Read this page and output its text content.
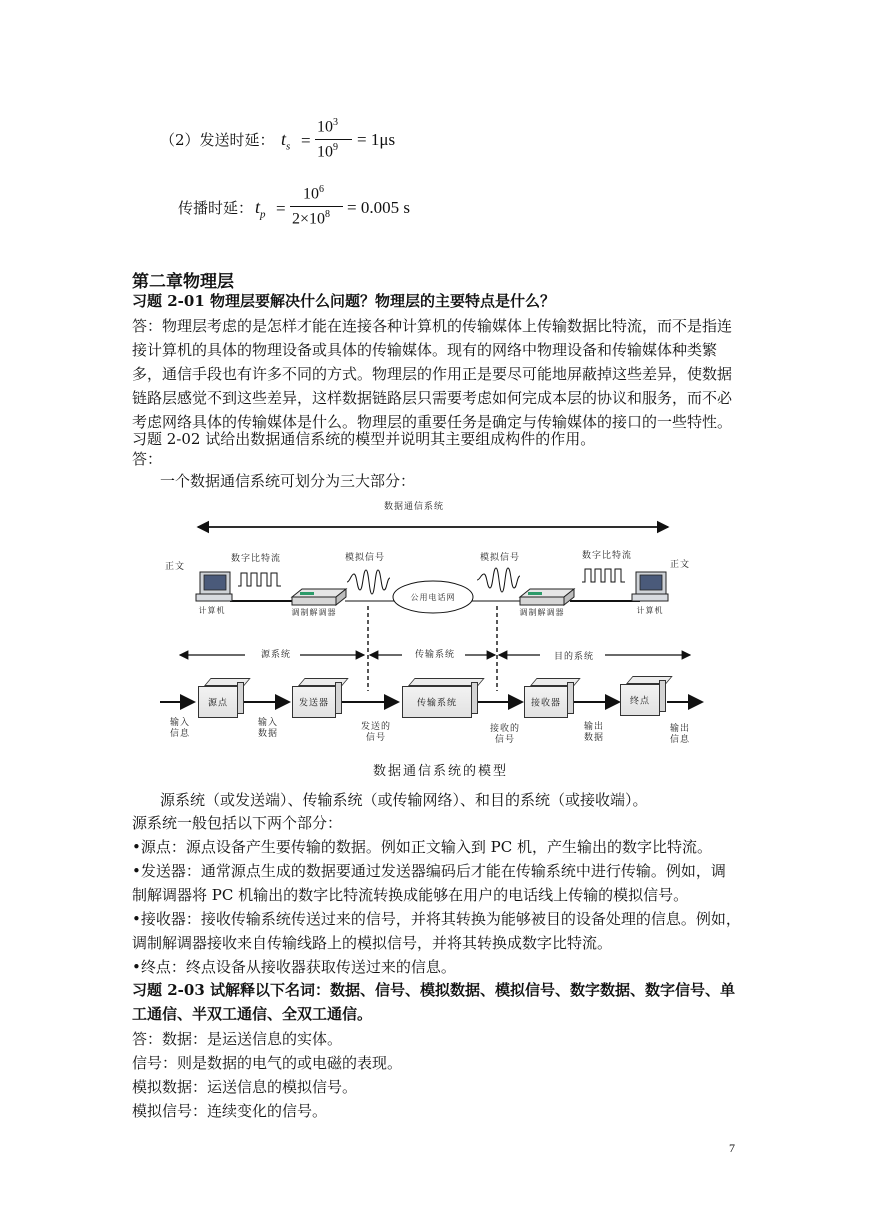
（2）发送时延： $t_s$ =
$10^3$
$10^9 = 1\mu s$
传播时延： $t_p$ =
$10^6$
$2\times 10^8 = 0.005$ s
第二章物理层
习题 2-01 物理层要解决什么问题？物理层的主要特点是什么？
答：物理层考虑的是怎样才能在连接各种计算机的传输媒体上传输数据比特流，而不是指连
接计算机的具体的物理设备或具体的传输媒体。现有的网络中物理设备和传输媒体种类繁
多，通信手段也有许多不同的方式。物理层的作用正是要尽可能地屏蔽掉这些差异，使数据
链路层感觉不到这些差异，这样数据链路层只需要考虑如何完成本层的协议和服务，而不必
考虑网络具体的传输媒体是什么。物理层的重要任务是确定与传输媒体的接口的一些特性。
习题 2-02 试给出数据通信系统的模型并说明其主要组成构件的作用。
答：
一个数据通信系统可划分为三大部分：
数据通信系统
正文	正文
数字比特流	模拟信号	模拟信号	数字比特流
公用电话网
计算机	调制解调器	调制解调器	计算机
源系统	传输系统	目的系统
源点	发送器	传输系统	接收器	终点
输入
信息
输入
数据
发送的
信号
接收的
信号
输出
数据
输出
信息
数据通信系统的模型
源系统（或发送端）、传输系统（或传输网络）、和目的系统（或接收端）。
源系统一般包括以下两个部分：
•源点：源点设备产生要传输的数据。例如正文输入到 PC 机，产生输出的数字比特流。
•发送器：通常源点生成的数据要通过发送器编码后才能在传输系统中进行传输。例如，调
制解调器将 PC 机输出的数字比特流转换成能够在用户的电话线上传输的模拟信号。
•接收器：接收传输系统传送过来的信号，并将其转换为能够被目的设备处理的信息。例如，
调制解调器接收来自传输线路上的模拟信号，并将其转换成数字比特流。
•终点：终点设备从接收器获取传送过来的信息。
习题 2-03 试解释以下名词：数据、信号、模拟数据、模拟信号、数字数据、数字信号、单
工通信、半双工通信、全双工通信。
答：数据：是运送信息的实体。
信号：则是数据的电气的或电磁的表现。
模拟数据：运送信息的模拟信号。
模拟信号：连续变化的信号。
7
